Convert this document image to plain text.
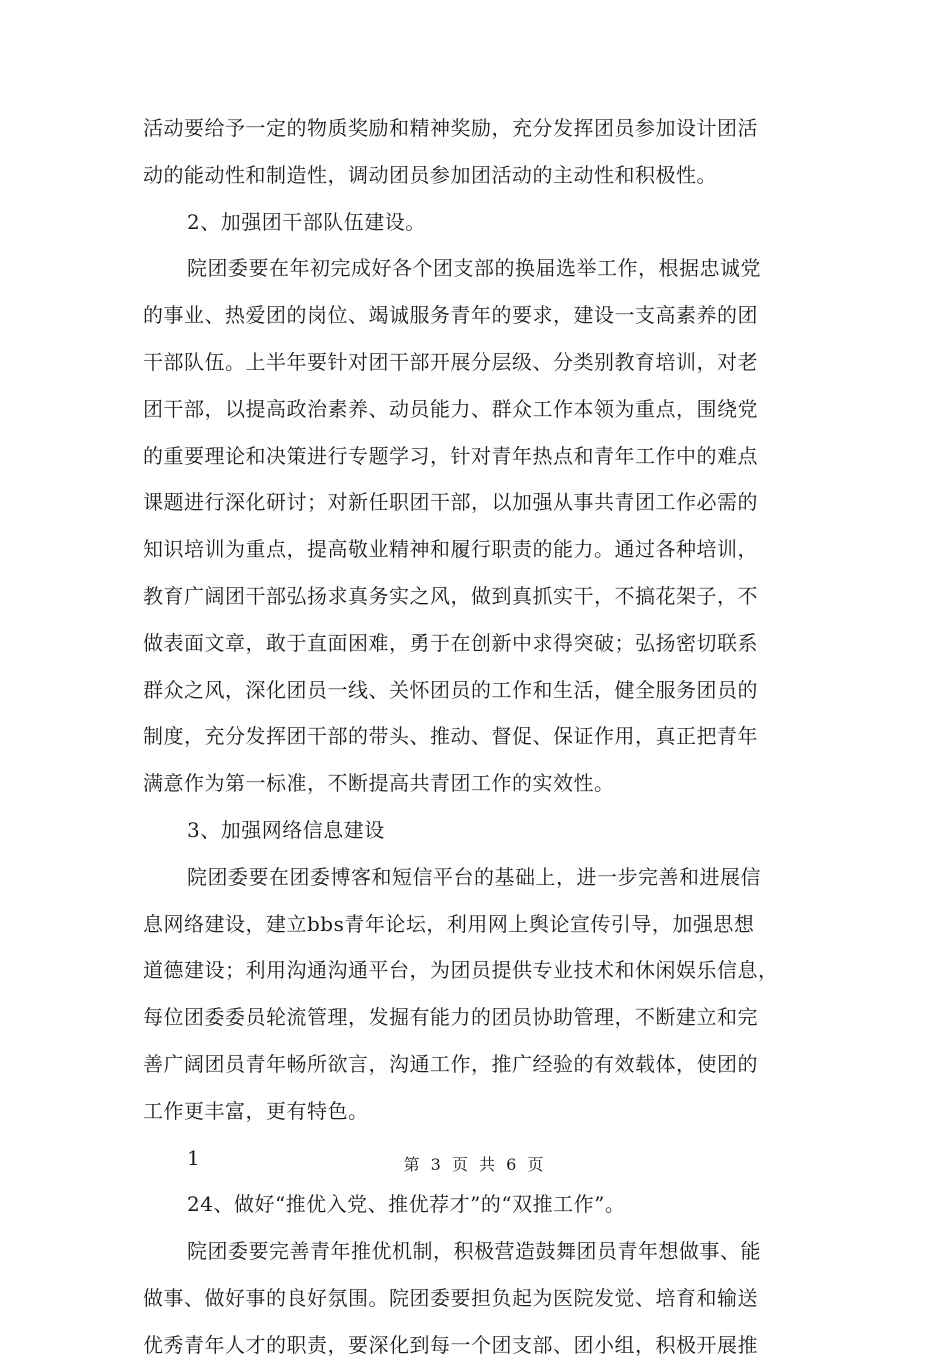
活动要给予一定的物质奖励和精神奖励，充分发挥团员参加设计团活
动的能动性和制造性，调动团员参加团活动的主动性和积极性。
2、加强团干部队伍建设。
院团委要在年初完成好各个团支部的换届选举工作，根据忠诚党
的事业、热爱团的岗位、竭诚服务青年的要求，建设一支高素养的团
干部队伍。上半年要针对团干部开展分层级、分类别教育培训，对老
团干部，以提高政治素养、动员能力、群众工作本领为重点，围绕党
的重要理论和决策进行专题学习，针对青年热点和青年工作中的难点
课题进行深化研讨；对新任职团干部，以加强从事共青团工作必需的
知识培训为重点，提高敬业精神和履行职责的能力。通过各种培训，
教育广阔团干部弘扬求真务实之风，做到真抓实干，不搞花架子，不
做表面文章，敢于直面困难，勇于在创新中求得突破；弘扬密切联系
群众之风，深化团员一线、关怀团员的工作和生活，健全服务团员的
制度，充分发挥团干部的带头、推动、督促、保证作用，真正把青年
满意作为第一标准，不断提高共青团工作的实效性。
3、加强网络信息建设
院团委要在团委博客和短信平台的基础上，进一步完善和进展信
息网络建设，建立bbs青年论坛，利用网上舆论宣传引导，加强思想
道德建设；利用沟通沟通平台，为团员提供专业技术和休闲娱乐信息，
每位团委委员轮流管理，发掘有能力的团员协助管理，不断建立和完
善广阔团员青年畅所欲言，沟通工作，推广经验的有效载体，使团的
工作更丰富，更有特色。
1
24、做好“推优入党、推优荐才”的“双推工作”。
院团委要完善青年推优机制，积极营造鼓舞团员青年想做事、能
做事、做好事的良好氛围。院团委要担负起为医院发觉、培育和输送
优秀青年人才的职责，要深化到每一个团支部、团小组，积极开展推
第 3 页 共 6 页
